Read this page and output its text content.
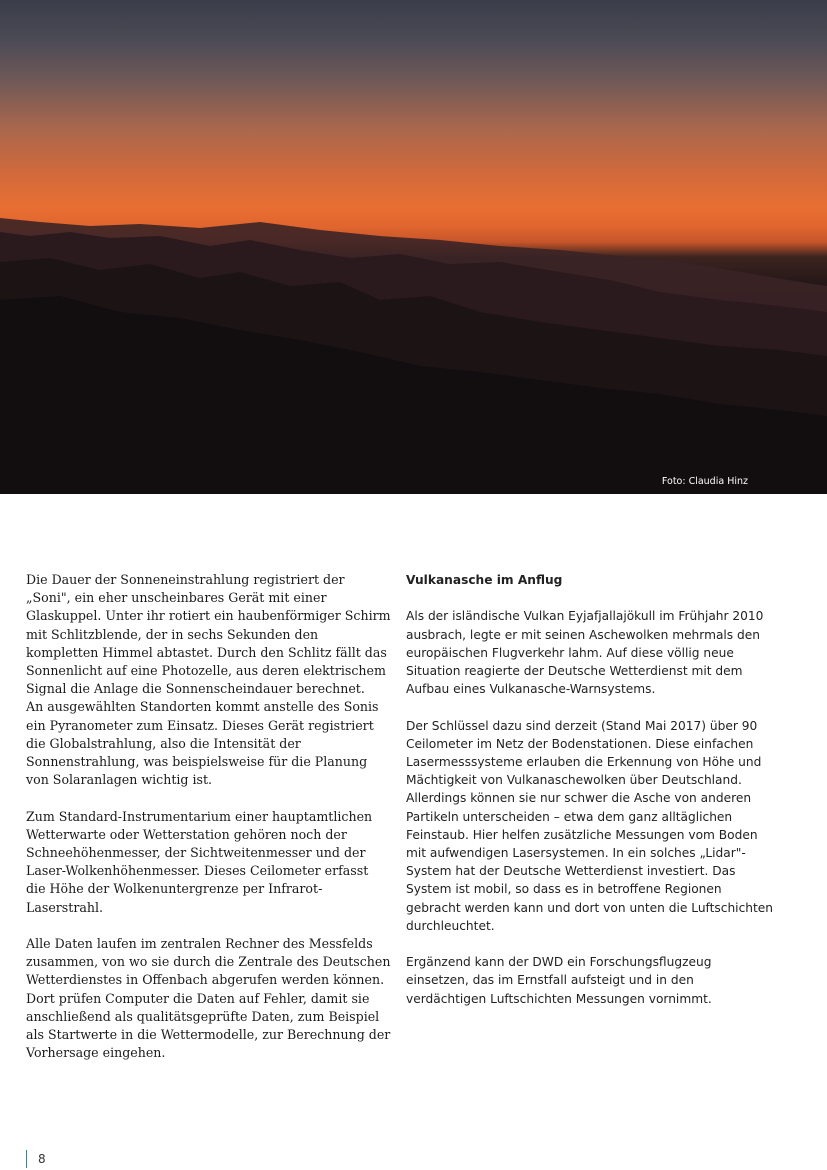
Foto: Claudia Hinz

Die Dauer der Sonneneinstrahlung registriert der „Soni", ein eher unscheinbares Gerät mit einer Glaskuppel. Unter ihr rotiert ein haubenförmiger Schirm mit Schlitzblende, der in sechs Sekunden den kompletten Himmel abtastet. Durch den Schlitz fällt das Sonnenlicht auf eine Photozelle, aus deren elektrischem Signal die Anlage die Sonnenscheindauer berechnet.

An ausgewählten Standorten kommt anstelle des Sonis ein Pyranometer zum Einsatz. Dieses Gerät registriert die Globalstrahlung, also die Intensität der Sonnenstrahlung, was beispielsweise für die Planung von Solaranlagen wichtig ist.

Zum Standard-Instrumentarium einer hauptamtlichen Wetterwarte oder Wetterstation gehören noch der Schneehöhenmesser, der Sichtweitenmesser und der Laser-Wolkenhöhenmesser. Dieses Ceilometer erfasst die Höhe der Wolkenuntergrenze per Infrarot-Laserstrahl.

Alle Daten laufen im zentralen Rechner des Messfelds zusammen, von wo sie durch die Zentrale des Deutschen Wetterdienstes in Offenbach abgerufen werden können. Dort prüfen Computer die Daten auf Fehler, damit sie anschließend als qualitätsgeprüfte Daten, zum Beispiel als Startwerte in die Wettermodelle, zur Berechnung der Vorhersage eingehen.

Vulkanasche im Anflug

Als der isländische Vulkan Eyjafjallajökull im Frühjahr 2010 ausbrach, legte er mit seinen Aschewolken mehrmals den europäischen Flugverkehr lahm. Auf diese völlig neue Situation reagierte der Deutsche Wetterdienst mit dem Aufbau eines Vulkanasche-Warnsystems.

Der Schlüssel dazu sind derzeit (Stand Mai 2017) über 90 Ceilometer im Netz der Bodenstationen. Diese einfachen Lasermesssysteme erlauben die Erkennung von Höhe und Mächtigkeit von Vulkanaschewolken über Deutschland. Allerdings können sie nur schwer die Asche von anderen Partikeln unterscheiden – etwa dem ganz alltäglichen Feinstaub. Hier helfen zusätzliche Messungen vom Boden mit aufwendigen Lasersystemen. In ein solches „Lidar"-System hat der Deutsche Wetterdienst investiert. Das System ist mobil, so dass es in betroffene Regionen gebracht werden kann und dort von unten die Luftschichten durchleuchtet.

Ergänzend kann der DWD ein Forschungsflugzeug einsetzen, das im Ernstfall aufsteigt und in den verdächtigen Luftschichten Messungen vornimmt.

8
